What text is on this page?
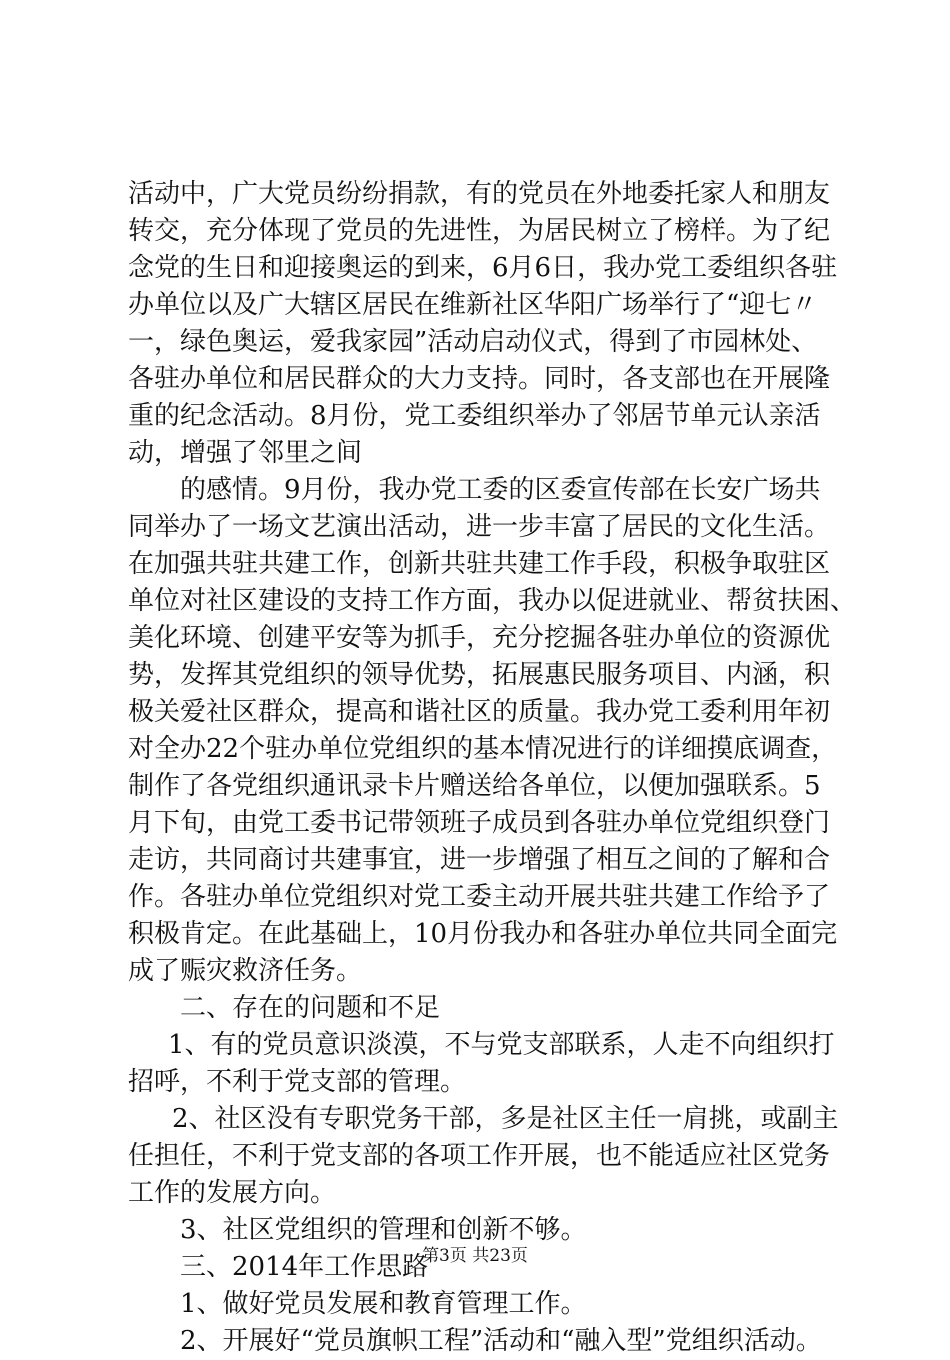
活动中，广大党员纷纷捐款，有的党员在外地委托家人和朋友
转交，充分体现了党员的先进性，为居民树立了榜样。为了纪
念党的生日和迎接奥运的到来，6月6日，我办党工委组织各驻
办单位以及广大辖区居民在维新社区华阳广场举行了“迎七〃
一，绿色奥运，爱我家园”活动启动仪式，得到了市园林处、
各驻办单位和居民群众的大力支持。同时，各支部也在开展隆
重的纪念活动。8月份，党工委组织举办了邻居节单元认亲活
动，增强了邻里之间
的感情。9月份，我办党工委的区委宣传部在长安广场共
同举办了一场文艺演出活动，进一步丰富了居民的文化生活。
在加强共驻共建工作，创新共驻共建工作手段，积极争取驻区
单位对社区建设的支持工作方面，我办以促进就业、帮贫扶困、
美化环境、创建平安等为抓手，充分挖掘各驻办单位的资源优
势，发挥其党组织的领导优势，拓展惠民服务项目、内涵，积
极关爱社区群众，提高和谐社区的质量。我办党工委利用年初
对全办22个驻办单位党组织的基本情况进行的详细摸底调查，
制作了各党组织通讯录卡片赠送给各单位，以便加强联系。5
月下旬，由党工委书记带领班子成员到各驻办单位党组织登门
走访，共同商讨共建事宜，进一步增强了相互之间的了解和合
作。各驻办单位党组织对党工委主动开展共驻共建工作给予了
积极肯定。在此基础上，10月份我办和各驻办单位共同全面完
成了赈灾救济任务。
二、存在的问题和不足
1、有的党员意识淡漠，不与党支部联系，人走不向组织打
招呼，不利于党支部的管理。
2、社区没有专职党务干部，多是社区主任一肩挑，或副主
任担任，不利于党支部的各项工作开展，也不能适应社区党务
工作的发展方向。
3、社区党组织的管理和创新不够。
三、2014年工作思路
1、做好党员发展和教育管理工作。
2、开展好“党员旗帜工程”活动和“融入型”党组织活动。
第3页 共23页
